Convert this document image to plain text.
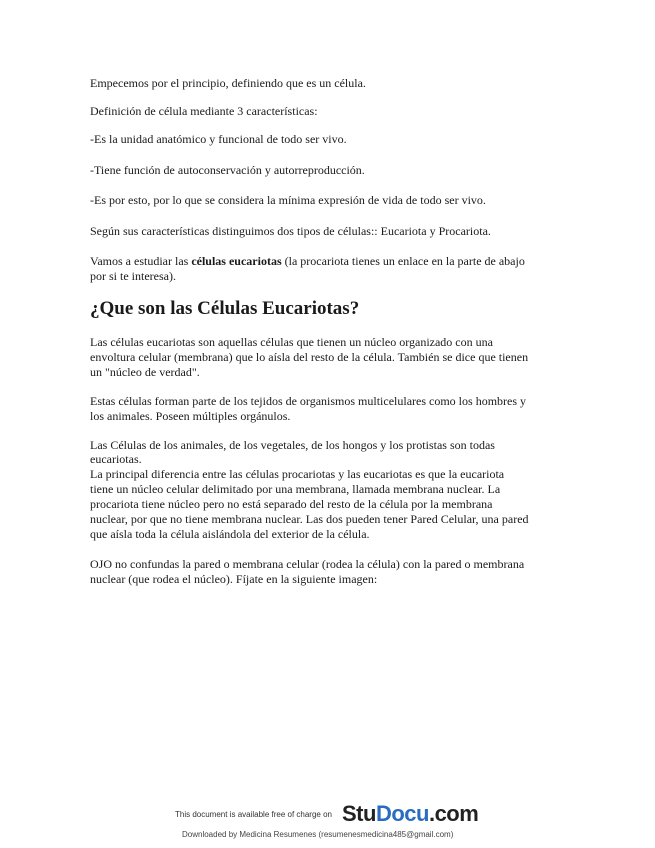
Empecemos por el principio, definiendo que es un célula.
Definición de célula mediante 3 características:
-Es la unidad anatómico y funcional de todo ser vivo.
-Tiene función de autoconservación y autorreproducción.
-Es por esto, por lo que se considera la mínima expresión de vida de todo ser vivo.
Según sus características distinguimos dos tipos de células:: Eucariota y Procariota.
Vamos a estudiar las células eucariotas (la procariota tienes un enlace en la parte de abajo
por si te interesa).
¿Que son las Células Eucariotas?
Las células eucariotas son aquellas células que tienen un núcleo organizado con una
envoltura celular (membrana) que lo aísla del resto de la célula. También se dice que tienen
un "núcleo de verdad".
Estas células forman parte de los tejidos de organismos multicelulares como los hombres y
los animales. Poseen múltiples orgánulos.
Las Células de los animales, de los vegetales, de los hongos y los protistas son todas
eucariotas.
La principal diferencia entre las células procariotas y las eucariotas es que la eucariota
tiene un núcleo celular delimitado por una membrana, llamada membrana nuclear. La
procariota tiene núcleo pero no está separado del resto de la célula por la membrana
nuclear, por que no tiene membrana nuclear. Las dos pueden tener Pared Celular, una pared
que aísla toda la célula aislándola del exterior de la célula.
OJO no confundas la pared o membrana celular (rodea la célula) con la pared o membrana
nuclear (que rodea el núcleo). Fíjate en la siguiente imagen:
This document is available free of charge on StuDocu.com
Downloaded by Medicina Resumenes (resumenesmedicina485@gmail.com)
